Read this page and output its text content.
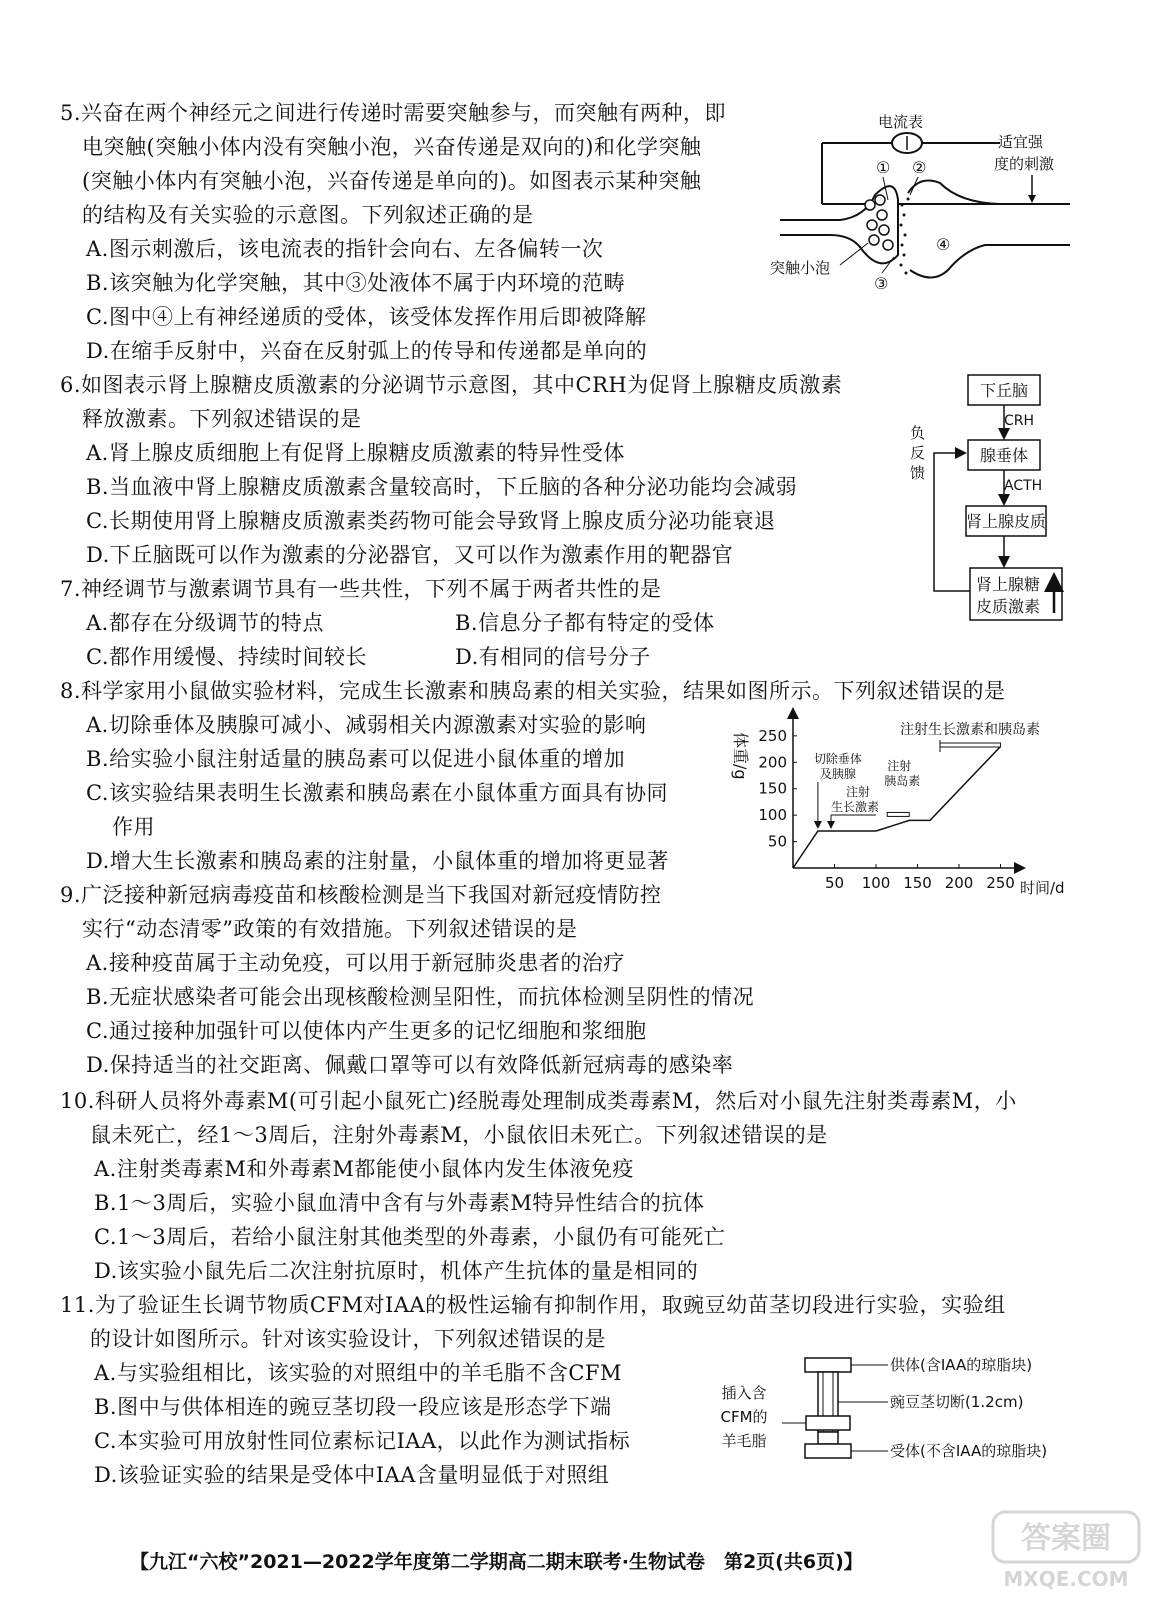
5.兴奋在两个神经元之间进行传递时需要突触参与，而突触有两种，即
电突触(突触小体内没有突触小泡，兴奋传递是双向的)和化学突触
(突触小体内有突触小泡，兴奋传递是单向的)。如图表示某种突触
的结构及有关实验的示意图。下列叙述正确的是
A.图示刺激后，该电流表的指针会向右、左各偏转一次
B.该突触为化学突触，其中③处液体不属于内环境的范畴
C.图中④上有神经递质的受体，该受体发挥作用后即被降解
D.在缩手反射中，兴奋在反射弧上的传导和传递都是单向的
电流表
适宜强
度的刺激
① ②
③
④
突触小泡
6.如图表示肾上腺糖皮质激素的分泌调节示意图，其中CRH为促肾上腺糖皮质激素
释放激素。下列叙述错误的是
A.肾上腺皮质细胞上有促肾上腺糖皮质激素的特异性受体
B.当血液中肾上腺糖皮质激素含量较高时，下丘脑的各种分泌功能均会减弱
C.长期使用肾上腺糖皮质激素类药物可能会导致肾上腺皮质分泌功能衰退
D.下丘脑既可以作为激素的分泌器官，又可以作为激素作用的靶器官
下丘脑
CRH
腺垂体
ACTH
肾上腺皮质
肾上腺糖
皮质激素
负
反
馈
7.神经调节与激素调节具有一些共性，下列不属于两者共性的是
A.都存在分级调节的特点	B.信息分子都有特定的受体
C.都作用缓慢、持续时间较长	D.有相同的信号分子
8.科学家用小鼠做实验材料，完成生长激素和胰岛素的相关实验，结果如图所示。下列叙述错误的是
A.切除垂体及胰腺可减小、减弱相关内源激素对实验的影响
B.给实验小鼠注射适量的胰岛素可以促进小鼠体重的增加
C.该实验结果表明生长激素和胰岛素在小鼠体重方面具有协同
作用
D.增大生长激素和胰岛素的注射量，小鼠体重的增加将更显著
50
100
150
200
250
50 100 150 200 250
切除垂体
及胰腺
注射
生长激素
注射
胰岛素
注射生长激素和胰岛素
体重/g
时间/d
9.广泛接种新冠病毒疫苗和核酸检测是当下我国对新冠疫情防控
实行“动态清零”政策的有效措施。下列叙述错误的是
A.接种疫苗属于主动免疫，可以用于新冠肺炎患者的治疗
B.无症状感染者可能会出现核酸检测呈阳性，而抗体检测呈阴性的情况
C.通过接种加强针可以使体内产生更多的记忆细胞和浆细胞
D.保持适当的社交距离、佩戴口罩等可以有效降低新冠病毒的感染率
10.科研人员将外毒素M(可引起小鼠死亡)经脱毒处理制成类毒素M，然后对小鼠先注射类毒素M，小
鼠未死亡，经1～3周后，注射外毒素M，小鼠依旧未死亡。下列叙述错误的是
A.注射类毒素M和外毒素M都能使小鼠体内发生体液免疫
B.1～3周后，实验小鼠血清中含有与外毒素M特异性结合的抗体
C.1～3周后，若给小鼠注射其他类型的外毒素，小鼠仍有可能死亡
D.该实验小鼠先后二次注射抗原时，机体产生抗体的量是相同的
11.为了验证生长调节物质CFM对IAA的极性运输有抑制作用，取豌豆幼苗茎切段进行实验，实验组
的设计如图所示。针对该实验设计，下列叙述错误的是
A.与实验组相比，该实验的对照组中的羊毛脂不含CFM
B.图中与供体相连的豌豆茎切段一段应该是形态学下端
C.本实验可用放射性同位素标记IAA，以此作为测试指标
D.该验证实验的结果是受体中IAA含量明显低于对照组
供体(含IAA的琼脂块)
豌豆茎切断(1.2cm)
受体(不含IAA的琼脂块)
插入含
CFM的
羊毛脂
【九江“六校”2021—2022学年度第二学期高二期末联考·生物试卷　第2页(共6页)】
答案圈
MXQE.COM
